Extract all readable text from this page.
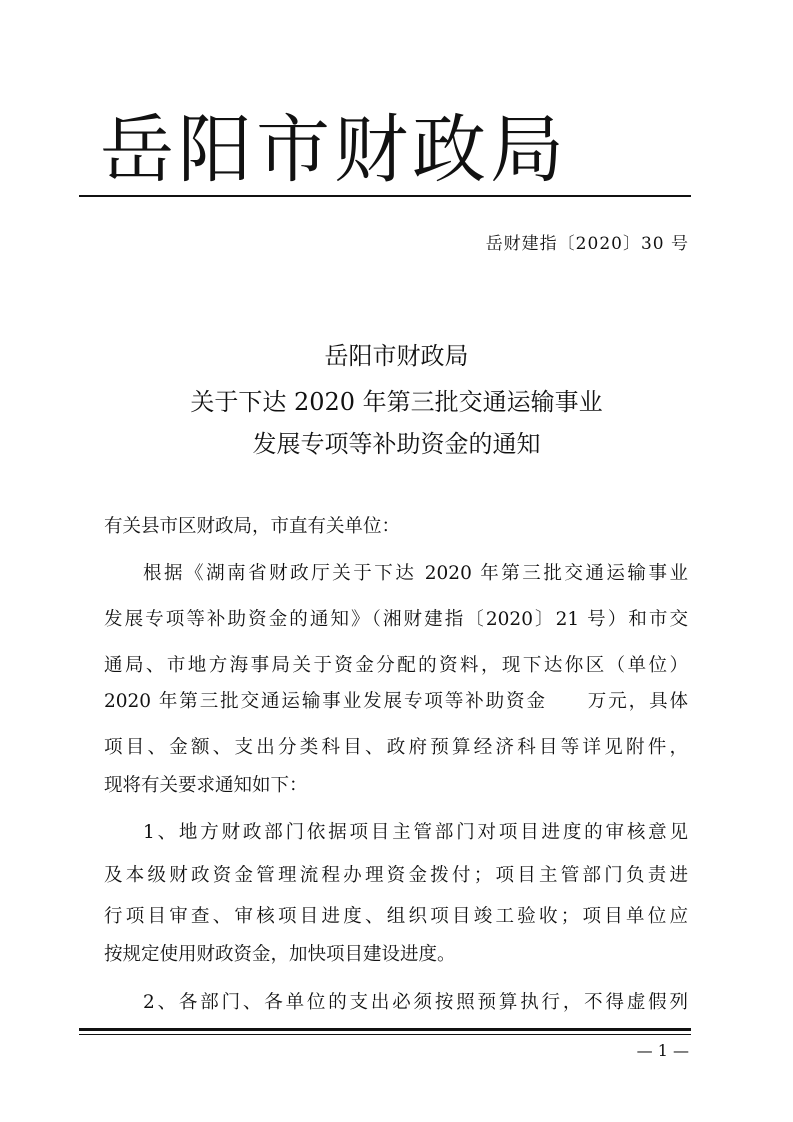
岳阳市财政局
岳财建指〔2020〕30 号
岳阳市财政局
关于下达 2020 年第三批交通运输事业
发展专项等补助资金的通知
有关县市区财政局，市直有关单位：
根据《湖南省财政厅关于下达 2020 年第三批交通运输事业
发展专项等补助资金的通知》（湘财建指〔2020〕21 号）和市交
通局、市地方海事局关于资金分配的资料，现下达你区（单位）
2020 年第三批交通运输事业发展专项等补助资金　　万元，具体
项目、金额、支出分类科目、政府预算经济科目等详见附件，
现将有关要求通知如下：
1、地方财政部门依据项目主管部门对项目进度的审核意见
及本级财政资金管理流程办理资金拨付；项目主管部门负责进
行项目审查、审核项目进度、组织项目竣工验收；项目单位应
按规定使用财政资金，加快项目建设进度。
2、各部门、各单位的支出必须按照预算执行，不得虚假列
— 1 —
